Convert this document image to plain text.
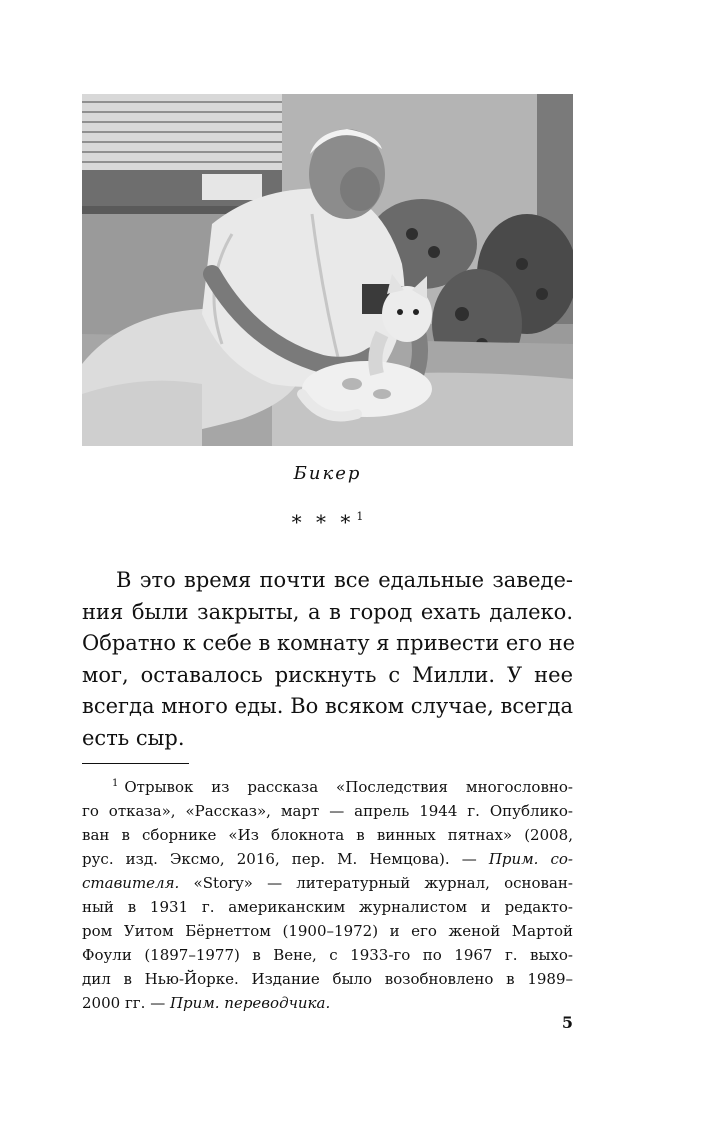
Бикер
* * * $^1$
В это время почти все едальные заведе-
ния были закрыты, а в город ехать далеко.
Обратно к себе в комнату я привести его не
мог, оставалось рискнуть с Милли. У нее
всегда много еды. Во всяком случае, всегда
есть сыр.
$^1$ Отрывок из рассказа «Последствия многословно-
го отказа», «Рассказ», март — апрель 1944 г. Опублико-
ван в сборнике «Из блокнота в винных пятнах» (2008,
рус. изд. Эксмо, 2016, пер. М. Немцова). — Прим. со-
ставителя. «Story» — литературный журнал, основан-
ный в 1931 г. американским журналистом и редакто-
ром Уитом Бёрнеттом (1900–1972) и его женой Мартой
Фоули (1897–1977) в Вене, с 1933-го по 1967 г. выхо-
дил в Нью-Йорке. Издание было возобновлено в 1989–
2000 гг. — Прим. переводчика.
5
